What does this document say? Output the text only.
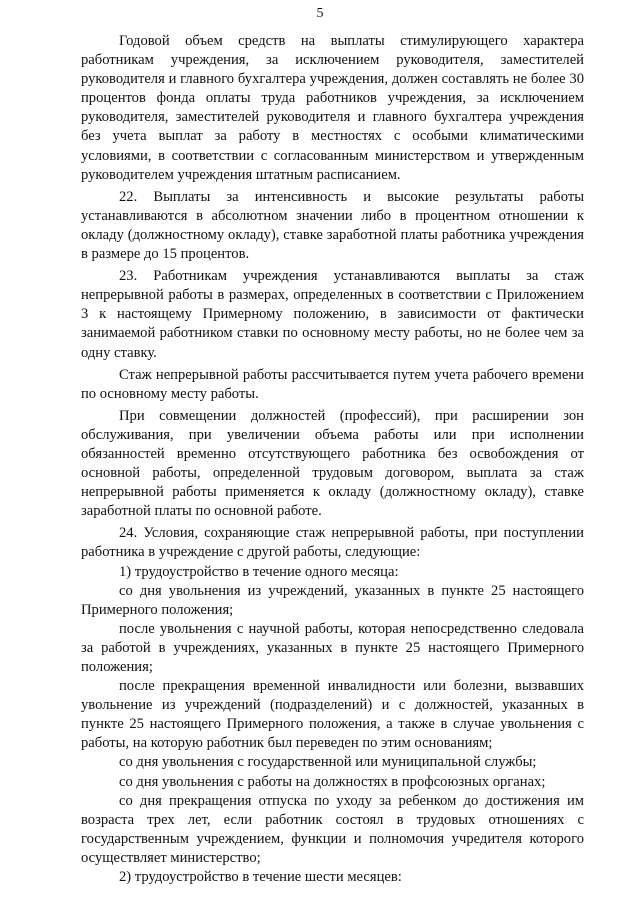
5

Годовой объем средств на выплаты стимулирующего характера работникам учреждения, за исключением руководителя, заместителей руководителя и главного бухгалтера учреждения, должен составлять не более 30 процентов фонда оплаты труда работников учреждения, за исключением руководителя, заместителей руководителя и главного бухгалтера учреждения без учета выплат за работу в местностях с особыми климатическими условиями, в соответствии с согласованным министерством и утвержденным руководителем учреждения штатным расписанием.

22. Выплаты за интенсивность и высокие результаты работы устанавливаются в абсолютном значении либо в процентном отношении к окладу (должностному окладу), ставке заработной платы работника учреждения в размере до 15 процентов.

23. Работникам учреждения устанавливаются выплаты за стаж непрерывной работы в размерах, определенных в соответствии с Приложением 3 к настоящему Примерному положению, в зависимости от фактически занимаемой работником ставки по основному месту работы, но не более чем за одну ставку.

Стаж непрерывной работы рассчитывается путем учета рабочего времени по основному месту работы.

При совмещении должностей (профессий), при расширении зон обслуживания, при увеличении объема работы или при исполнении обязанностей временно отсутствующего работника без освобождения от основной работы, определенной трудовым договором, выплата за стаж непрерывной работы применяется к окладу (должностному окладу), ставке заработной платы по основной работе.

24. Условия, сохраняющие стаж непрерывной работы, при поступлении работника в учреждение с другой работы, следующие:

1) трудоустройство в течение одного месяца:

со дня увольнения из учреждений, указанных в пункте 25 настоящего Примерного положения;

после увольнения с научной работы, которая непосредственно следовала за работой в учреждениях, указанных в пункте 25 настоящего Примерного положения;

после прекращения временной инвалидности или болезни, вызвавших увольнение из учреждений (подразделений) и с должностей, указанных в пункте 25 настоящего Примерного положения, а также в случае увольнения с работы, на которую работник был переведен по этим основаниям;

со дня увольнения с государственной или муниципальной службы;

со дня увольнения с работы на должностях в профсоюзных органах;

со дня прекращения отпуска по уходу за ребенком до достижения им возраста трех лет, если работник состоял в трудовых отношениях с государственным учреждением, функции и полномочия учредителя которого осуществляет министерство;

2) трудоустройство в течение шести месяцев:
